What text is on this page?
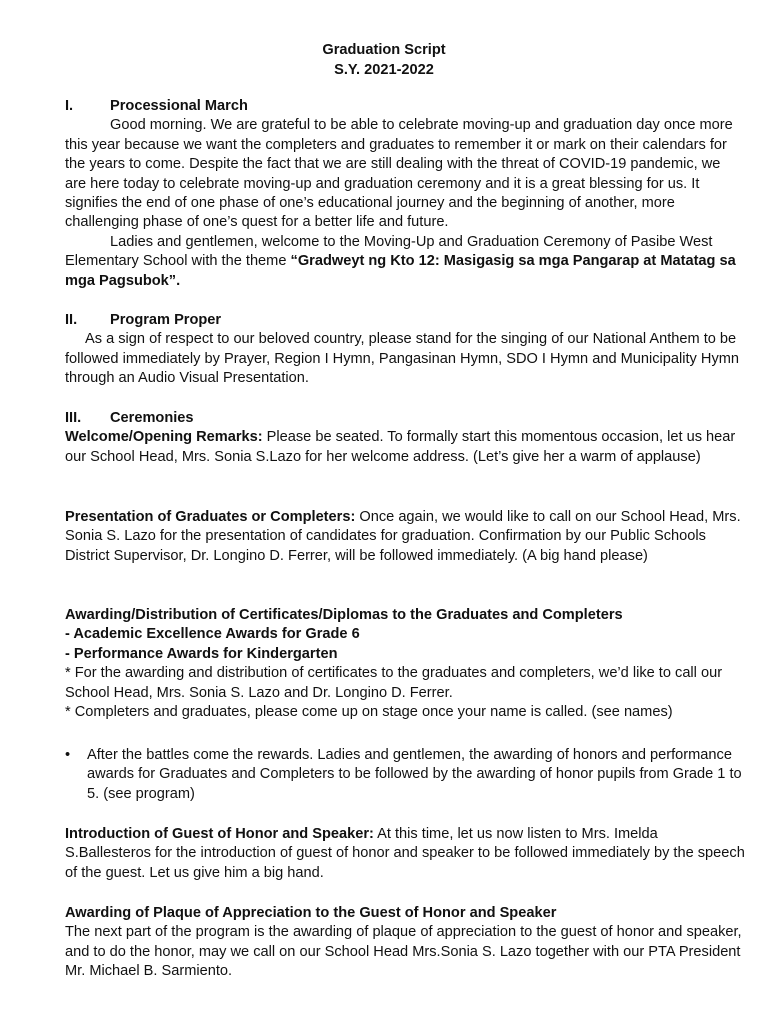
Graduation Script
S.Y. 2021-2022
I.	Processional March

Good morning. We are grateful to be able to celebrate moving-up and graduation day once more this year because we want the completers and graduates to remember it or mark on their calendars for the years to come. Despite the fact that we are still dealing with the threat of COVID-19 pandemic, we are here today to celebrate moving-up and graduation ceremony and it is a great blessing for us. It signifies the end of one phase of one’s educational journey and the beginning of another, more challenging phase of one’s quest for a better life and future.

Ladies and gentlemen, welcome to the Moving-Up and Graduation Ceremony of Pasibe West Elementary School with the theme “Gradweyt ng Kto 12: Masigasig sa mga Pangarap at Matatag sa mga Pagsubok”.

II. Program Proper

As a sign of respect to our beloved country, please stand for the singing of our National Anthem to be followed immediately by Prayer, Region I Hymn, Pangasinan Hymn, SDO I Hymn and Municipality Hymn through an Audio Visual Presentation.

III. Ceremonies

Welcome/Opening Remarks: Please be seated. To formally start this momentous occasion, let us hear our School Head, Mrs. Sonia S.Lazo for her welcome address. (Let’s give her a warm of applause)

Presentation of Graduates or Completers: Once again, we would like to call on our School Head, Mrs. Sonia S. Lazo for the presentation of candidates for graduation. Confirmation by our Public Schools District Supervisor, Dr. Longino D. Ferrer, will be followed immediately. (A big hand please)

Awarding/Distribution of Certificates/Diplomas to the Graduates and Completers
- Academic Excellence Awards for Grade 6
- Performance Awards for Kindergarten

* For the awarding and distribution of certificates to the graduates and completers, we’d like to call our School Head, Mrs. Sonia S. Lazo and Dr. Longino D. Ferrer.

* Completers and graduates, please come up on stage once your name is called. (see names)

• After the battles come the rewards. Ladies and gentlemen, the awarding of honors and performance awards for Graduates and Completers to be followed by the awarding of honor pupils from Grade 1 to 5. (see program)

Introduction of Guest of Honor and Speaker: At this time, let us now listen to Mrs. Imelda S.Ballesteros for the introduction of guest of honor and speaker to be followed immediately by the speech of the guest. Let us give him a big hand.

Awarding of Plaque of Appreciation to the Guest of Honor and Speaker

The next part of the program is the awarding of plaque of appreciation to the guest of honor and speaker, and to do the honor, may we call on our School Head Mrs.Sonia S. Lazo together with our PTA President Mr. Michael B. Sarmiento.
